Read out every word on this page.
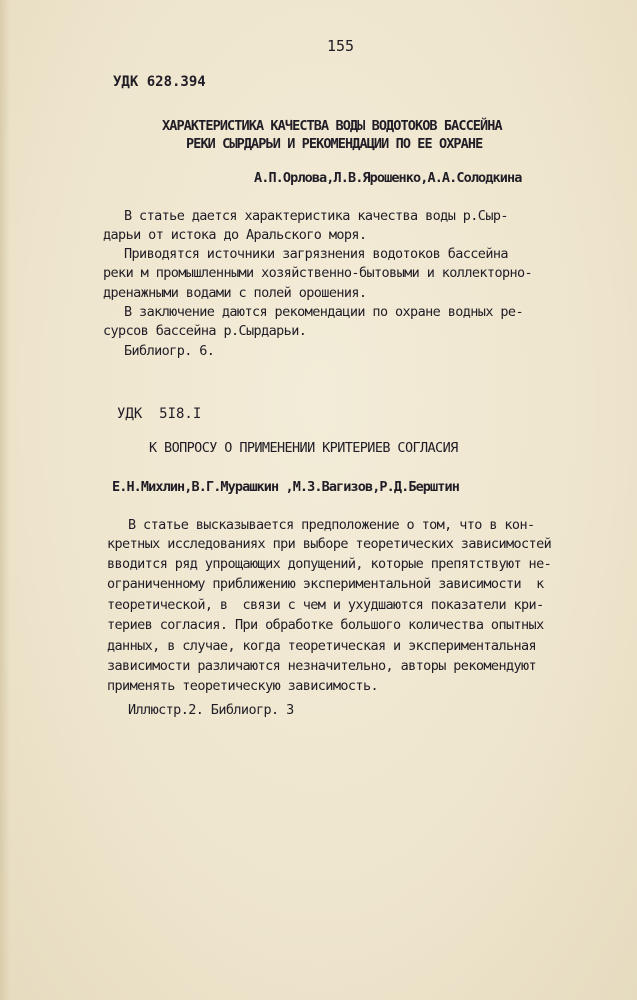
155
УДК 628.394
ХАРАКТЕРИСТИКА КАЧЕСТВА ВОДЫ ВОДОТОКОВ БАССЕЙНА
РЕКИ СЫРДАРЬИ И РЕКОМЕНДАЦИИ ПО ЕЕ ОХРАНЕ
А.П.Орлова,Л.В.Ярошенко,А.А.Солодкина
В статье дается характеристика качества воды р.Сыр-
дарьи от истока до Аральского моря.
Приводятся источники загрязнения водотоков бассейна
реки м промышленными хозяйственно-бытовыми и коллекторно-
дренажными водами с полей орошения.
В заключение даются рекомендации по охране водных ре-
сурсов бассейна р.Сырдарьи.
Библиогр. 6.
УДК  5I8.I
К ВОПРОСУ О ПРИМЕНЕНИИ КРИТЕРИЕВ СОГЛАСИЯ
Е.Н.Михлин,В.Г.Мурашкин ,М.З.Вагизов,Р.Д.Берштин
В статье высказывается предположение о том, что в кон-
кретных исследованиях при выборе теоретических зависимостей
вводится ряд упрощающих допущений, которые препятствуют не-
ограниченному приближению экспериментальной зависимости  к
теоретической, в  связи с чем и ухудшаются показатели кри-
териев согласия. При обработке большого количества опытных
данных, в случае, когда теоретическая и экспериментальная
зависимости различаются незначительно, авторы рекомендуют
применять теоретическую зависимость.
Иллюстр.2. Библиогр. 3
